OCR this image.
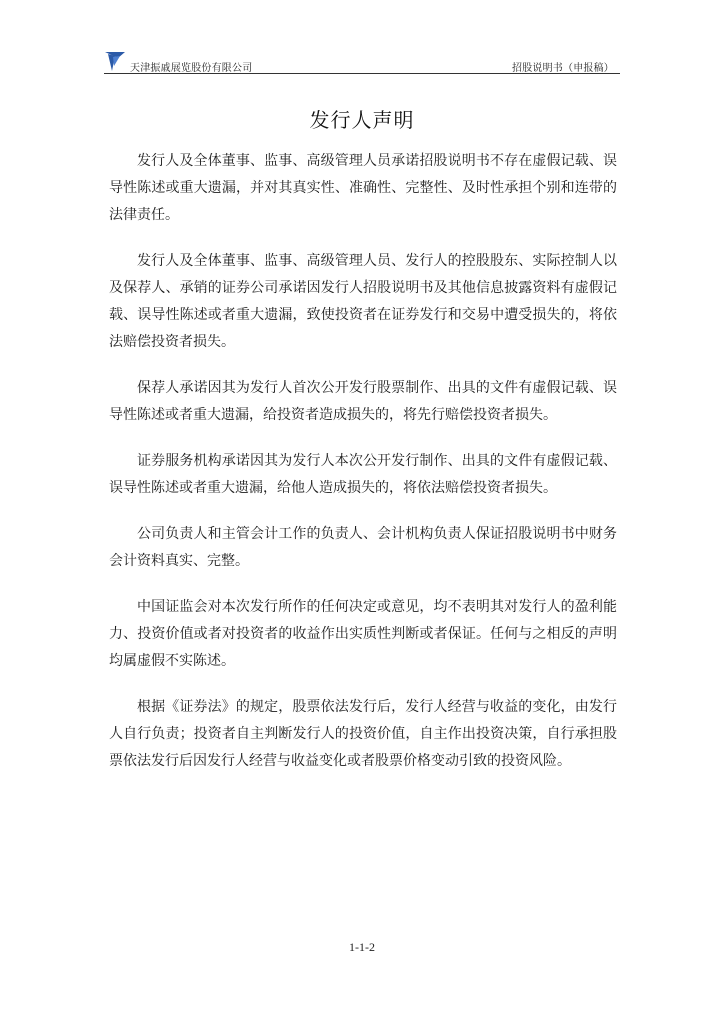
天津振戚展览股份有限公司	招股说明书（申报稿）
发行人声明

发行人及全体董事、监事、高级管理人员承诺招股说明书不存在虚假记载、误导性陈述或重大遗漏，并对其真实性、准确性、完整性、及时性承担个别和连带的法律责任。

发行人及全体董事、监事、高级管理人员、发行人的控股股东、实际控制人以及保荐人、承销的证券公司承诺因发行人招股说明书及其他信息披露资料有虚假记载、误导性陈述或者重大遗漏，致使投资者在证券发行和交易中遭受损失的，将依法赔偿投资者损失。

保荐人承诺因其为发行人首次公开发行股票制作、出具的文件有虚假记载、误导性陈述或者重大遗漏，给投资者造成损失的，将先行赔偿投资者损失。

证券服务机构承诺因其为发行人本次公开发行制作、出具的文件有虚假记载、误导性陈述或者重大遗漏，给他人造成损失的，将依法赔偿投资者损失。

公司负责人和主管会计工作的负责人、会计机构负责人保证招股说明书中财务会计资料真实、完整。

中国证监会对本次发行所作的任何决定或意见，均不表明其对发行人的盈利能力、投资价值或者对投资者的收益作出实质性判断或者保证。任何与之相反的声明均属虚假不实陈述。

根据《证券法》的规定，股票依法发行后，发行人经营与收益的变化，由发行人自行负责；投资者自主判断发行人的投资价值，自主作出投资决策，自行承担股票依法发行后因发行人经营与收益变化或者股票价格变动引致的投资风险。

1-1-2
